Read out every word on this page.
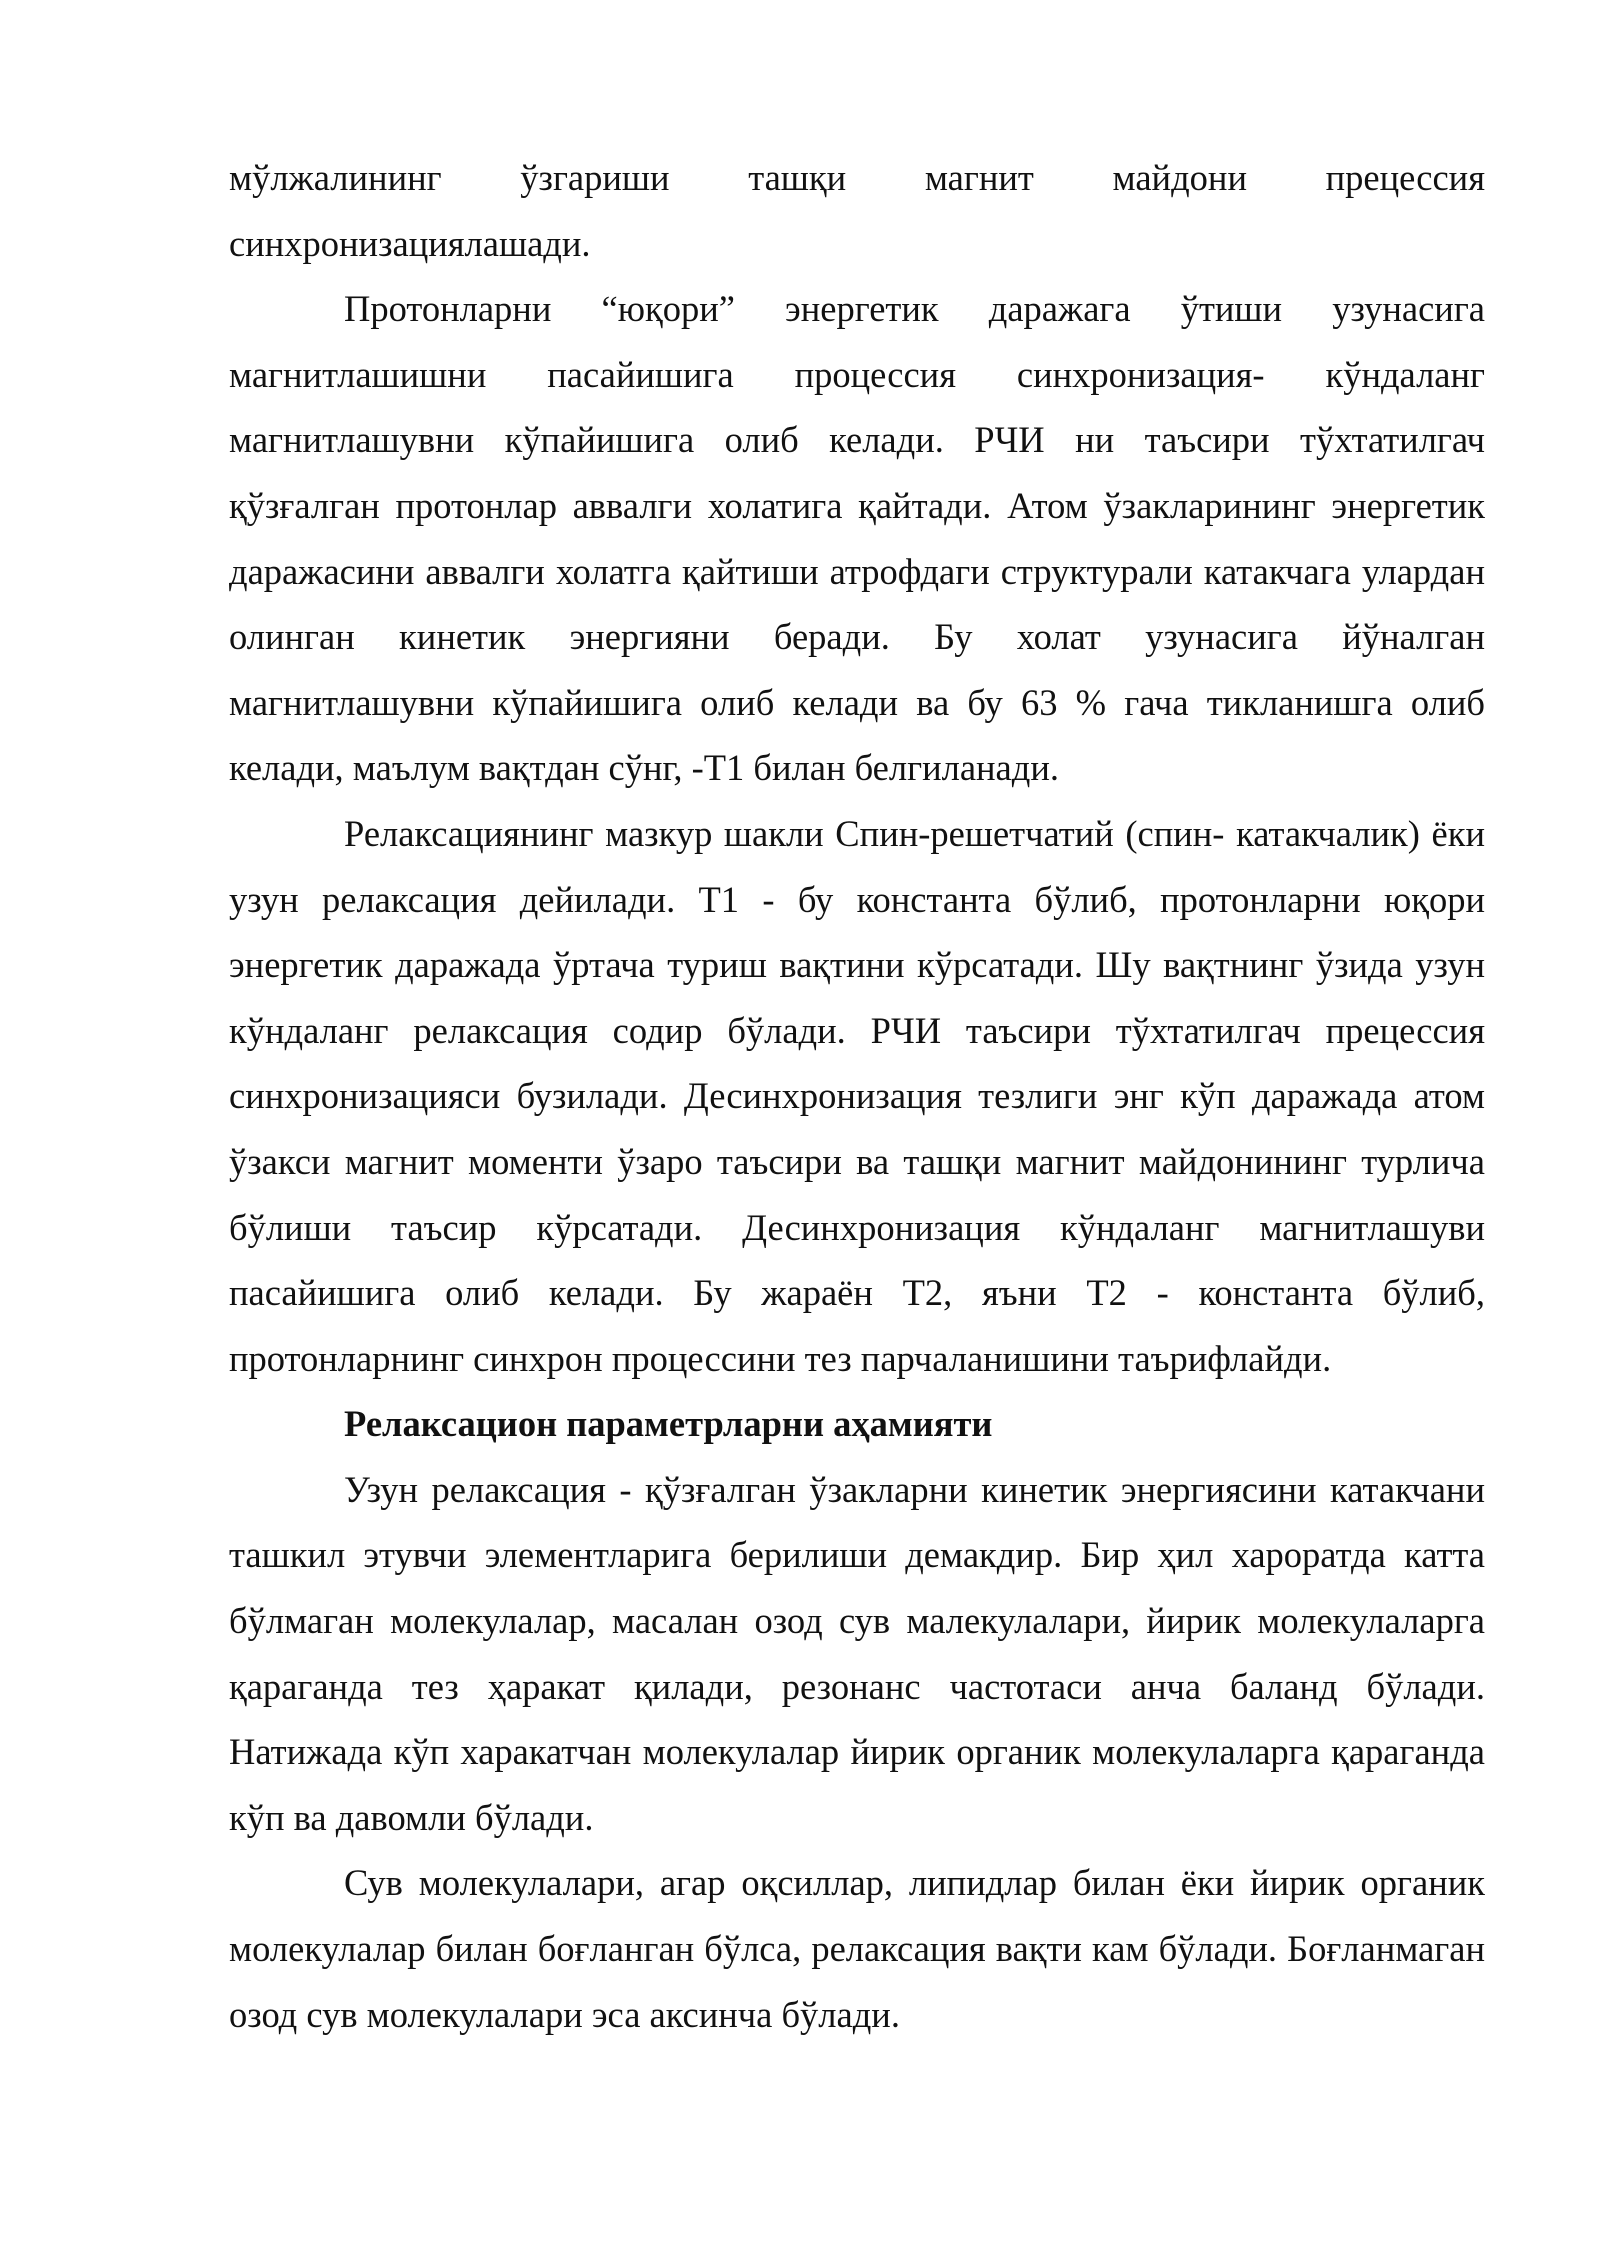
мўлжалининг ўзгариши ташқи магнит майдони прецессия
синхронизациялашади.

Протонларни “юқори” энергетик даражага ўтиши узунасига магнитлашишни пасайишига процессия синхронизация- кўндаланг магнитлашувни кўпайишига олиб келади. РЧИ ни таъсири тўхтатилгач қўзғалган протонлар аввалги холатига қайтади. Атом ўзакларининг энергетик даражасини аввалги холатга қайтиши атрофдаги структурали катакчага улардан олинган кинетик энергияни беради. Бу холат узунасига йўналган магнитлашувни кўпайишига олиб келади ва бу 63 % гача тикланишга олиб келади, маълум вақтдан сўнг, -Т1 билан белгиланади.

Релаксациянинг мазкур шакли Спин-решетчатий (спин- катакчалик) ёки узун релаксация дейилади. Т1 - бу константа бўлиб, протонларни юқори энергетик даражада ўртача туриш вақтини кўрсатади. Шу вақтнинг ўзида узун кўндаланг релаксация содир бўлади. РЧИ таъсири тўхтатилгач прецессия синхронизацияси бузилади. Десинхронизация тезлиги энг кўп даражада атом ўзакси магнит моменти ўзаро таъсири ва ташқи магнит майдонининг турлича бўлиши таъсир кўрсатади. Десинхронизация кўндаланг магнитлашуви пасайишига олиб келади. Бу жараён Т2, яъни Т2 - константа бўлиб, протонларнинг синхрон процессини тез парчаланишини таърифлайди.

Релаксацион параметрларни аҳамияти

Узун релаксация - қўзғалган ўзакларни кинетик энергиясини катакчани ташкил этувчи элементларига берилиши демакдир. Бир ҳил хароратда катта бўлмаган молекулалар, масалан озод сув малекулалари, йирик молекулаларга қараганда тез ҳаракат қилади, резонанс частотаси анча баланд бўлади. Натижада кўп харакатчан молекулалар йирик органик молекулаларга қараганда кўп ва давомли бўлади.

Сув молекулалари, агар оқсиллар, липидлар билан ёки йирик органик молекулалар билан боғланган бўлса, релаксация вақти кам бўлади. Боғланмаган озод сув молекулалари эса аксинча бўлади.
